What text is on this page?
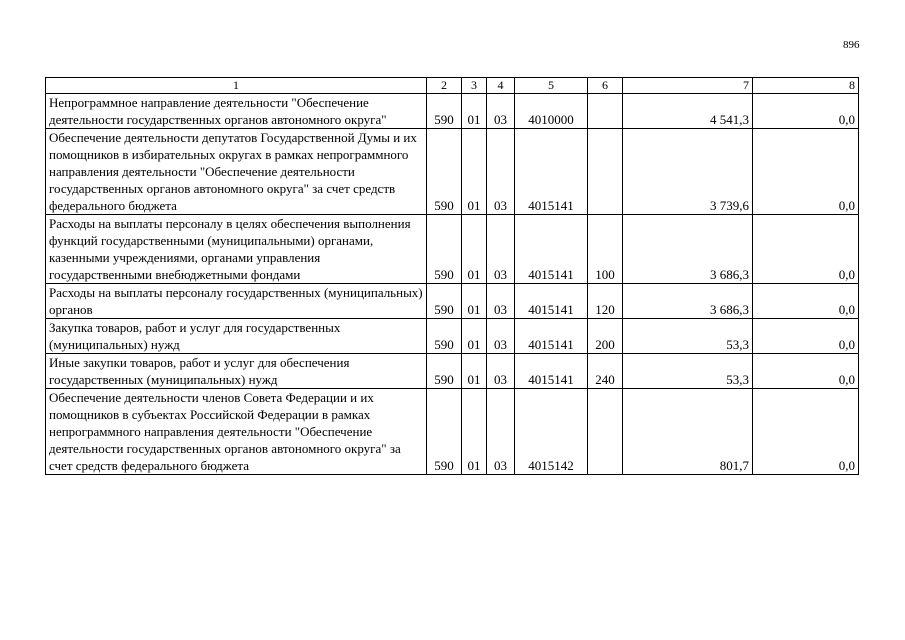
896
1	2	3	4	5	6	7	8
Непрограммное направление деятельности "Обеспечение деятельности государственных органов автономного округа"	590	01	03	4010000		4 541,3	0,0
Обеспечение деятельности депутатов Государственной Думы и их помощников в избирательных округах в рамках непрограммного направления деятельности "Обеспечение деятельности государственных органов автономного округа" за счет средств федерального бюджета	590	01	03	4015141		3 739,6	0,0
Расходы на выплаты персоналу в целях обеспечения выполнения функций государственными (муниципальными) органами, казенными учреждениями, органами управления государственными внебюджетными фондами	590	01	03	4015141	100	3 686,3	0,0
Расходы на выплаты персоналу государственных (муниципальных) органов	590	01	03	4015141	120	3 686,3	0,0
Закупка товаров, работ и услуг для государственных (муниципальных) нужд	590	01	03	4015141	200	53,3	0,0
Иные закупки товаров, работ и услуг для обеспечения государственных (муниципальных) нужд	590	01	03	4015141	240	53,3	0,0
Обеспечение деятельности членов Совета Федерации и их помощников в субъектах Российской Федерации в рамках непрограммного направления деятельности "Обеспечение деятельности государственных органов автономного округа" за счет средств федерального бюджета	590	01	03	4015142		801,7	0,0
